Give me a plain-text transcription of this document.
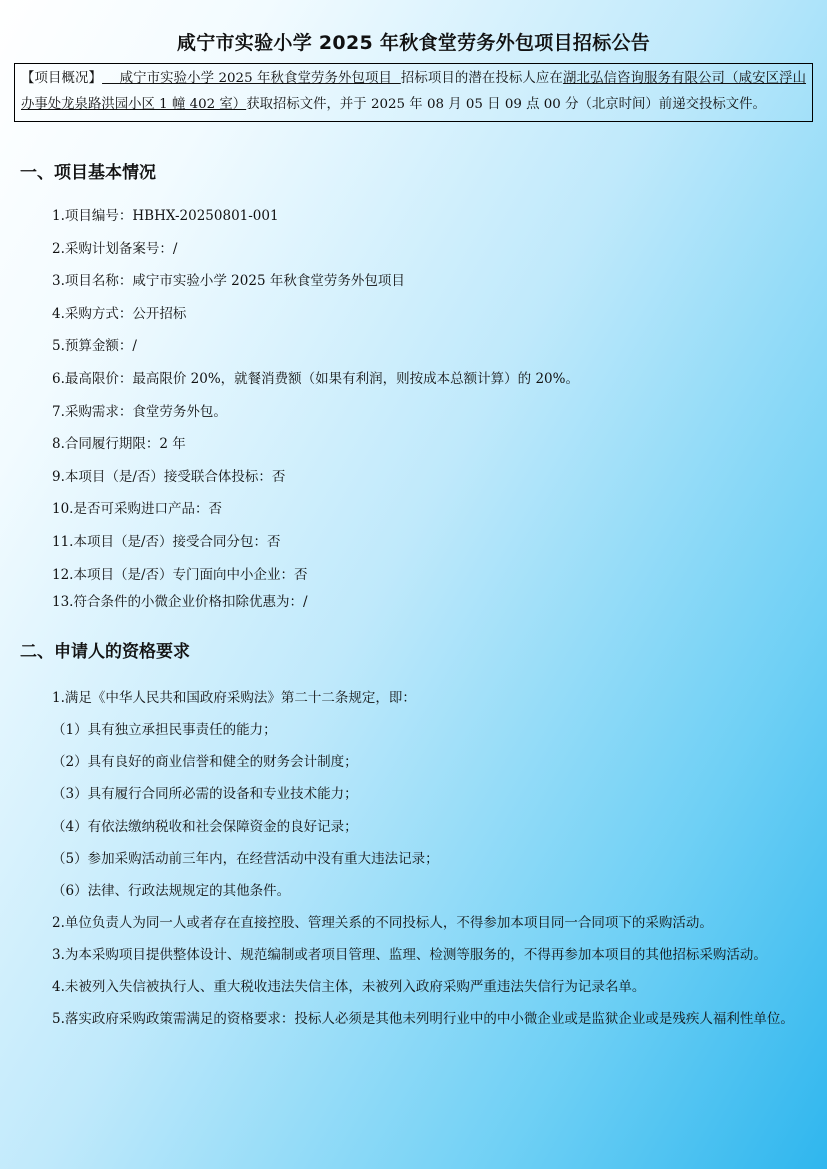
咸宁市实验小学 2025 年秋食堂劳务外包项目招标公告
【项目概况】    咸宁市实验小学 2025 年秋食堂劳务外包项目  招标项目的潜在投标人应在湖北弘信咨询服务有限公司（咸安区浮山办事处龙泉路洪园小区 1 幢 402 室）获取招标文件，并于 2025 年 08 月 05 日 09 点 00 分（北京时间）前递交投标文件。
一、项目基本情况
1.项目编号：HBHX-20250801-001
2.采购计划备案号：/
3.项目名称：咸宁市实验小学 2025 年秋食堂劳务外包项目
4.采购方式：公开招标
5.预算金额：/
6.最高限价：最高限价 20%，就餐消费额（如果有利润，则按成本总额计算）的 20%。
7.采购需求：食堂劳务外包。
8.合同履行期限：2 年
9.本项目（是/否）接受联合体投标：否
10.是否可采购进口产品：否
11.本项目（是/否）接受合同分包：否
12.本项目（是/否）专门面向中小企业：否
13.符合条件的小微企业价格扣除优惠为：/
二、申请人的资格要求
1.满足《中华人民共和国政府采购法》第二十二条规定，即：
（1）具有独立承担民事责任的能力；
（2）具有良好的商业信誉和健全的财务会计制度；
（3）具有履行合同所必需的设备和专业技术能力；
（4）有依法缴纳税收和社会保障资金的良好记录；
（5）参加采购活动前三年内，在经营活动中没有重大违法记录；
（6）法律、行政法规规定的其他条件。
2.单位负责人为同一人或者存在直接控股、管理关系的不同投标人，不得参加本项目同一合同项下的采购活动。
3.为本采购项目提供整体设计、规范编制或者项目管理、监理、检测等服务的，不得再参加本项目的其他招标采购活动。
4.未被列入失信被执行人、重大税收违法失信主体，未被列入政府采购严重违法失信行为记录名单。
5.落实政府采购政策需满足的资格要求：投标人必须是其他未列明行业中的中小微企业或是监狱企业或是残疾人福利性单位。
